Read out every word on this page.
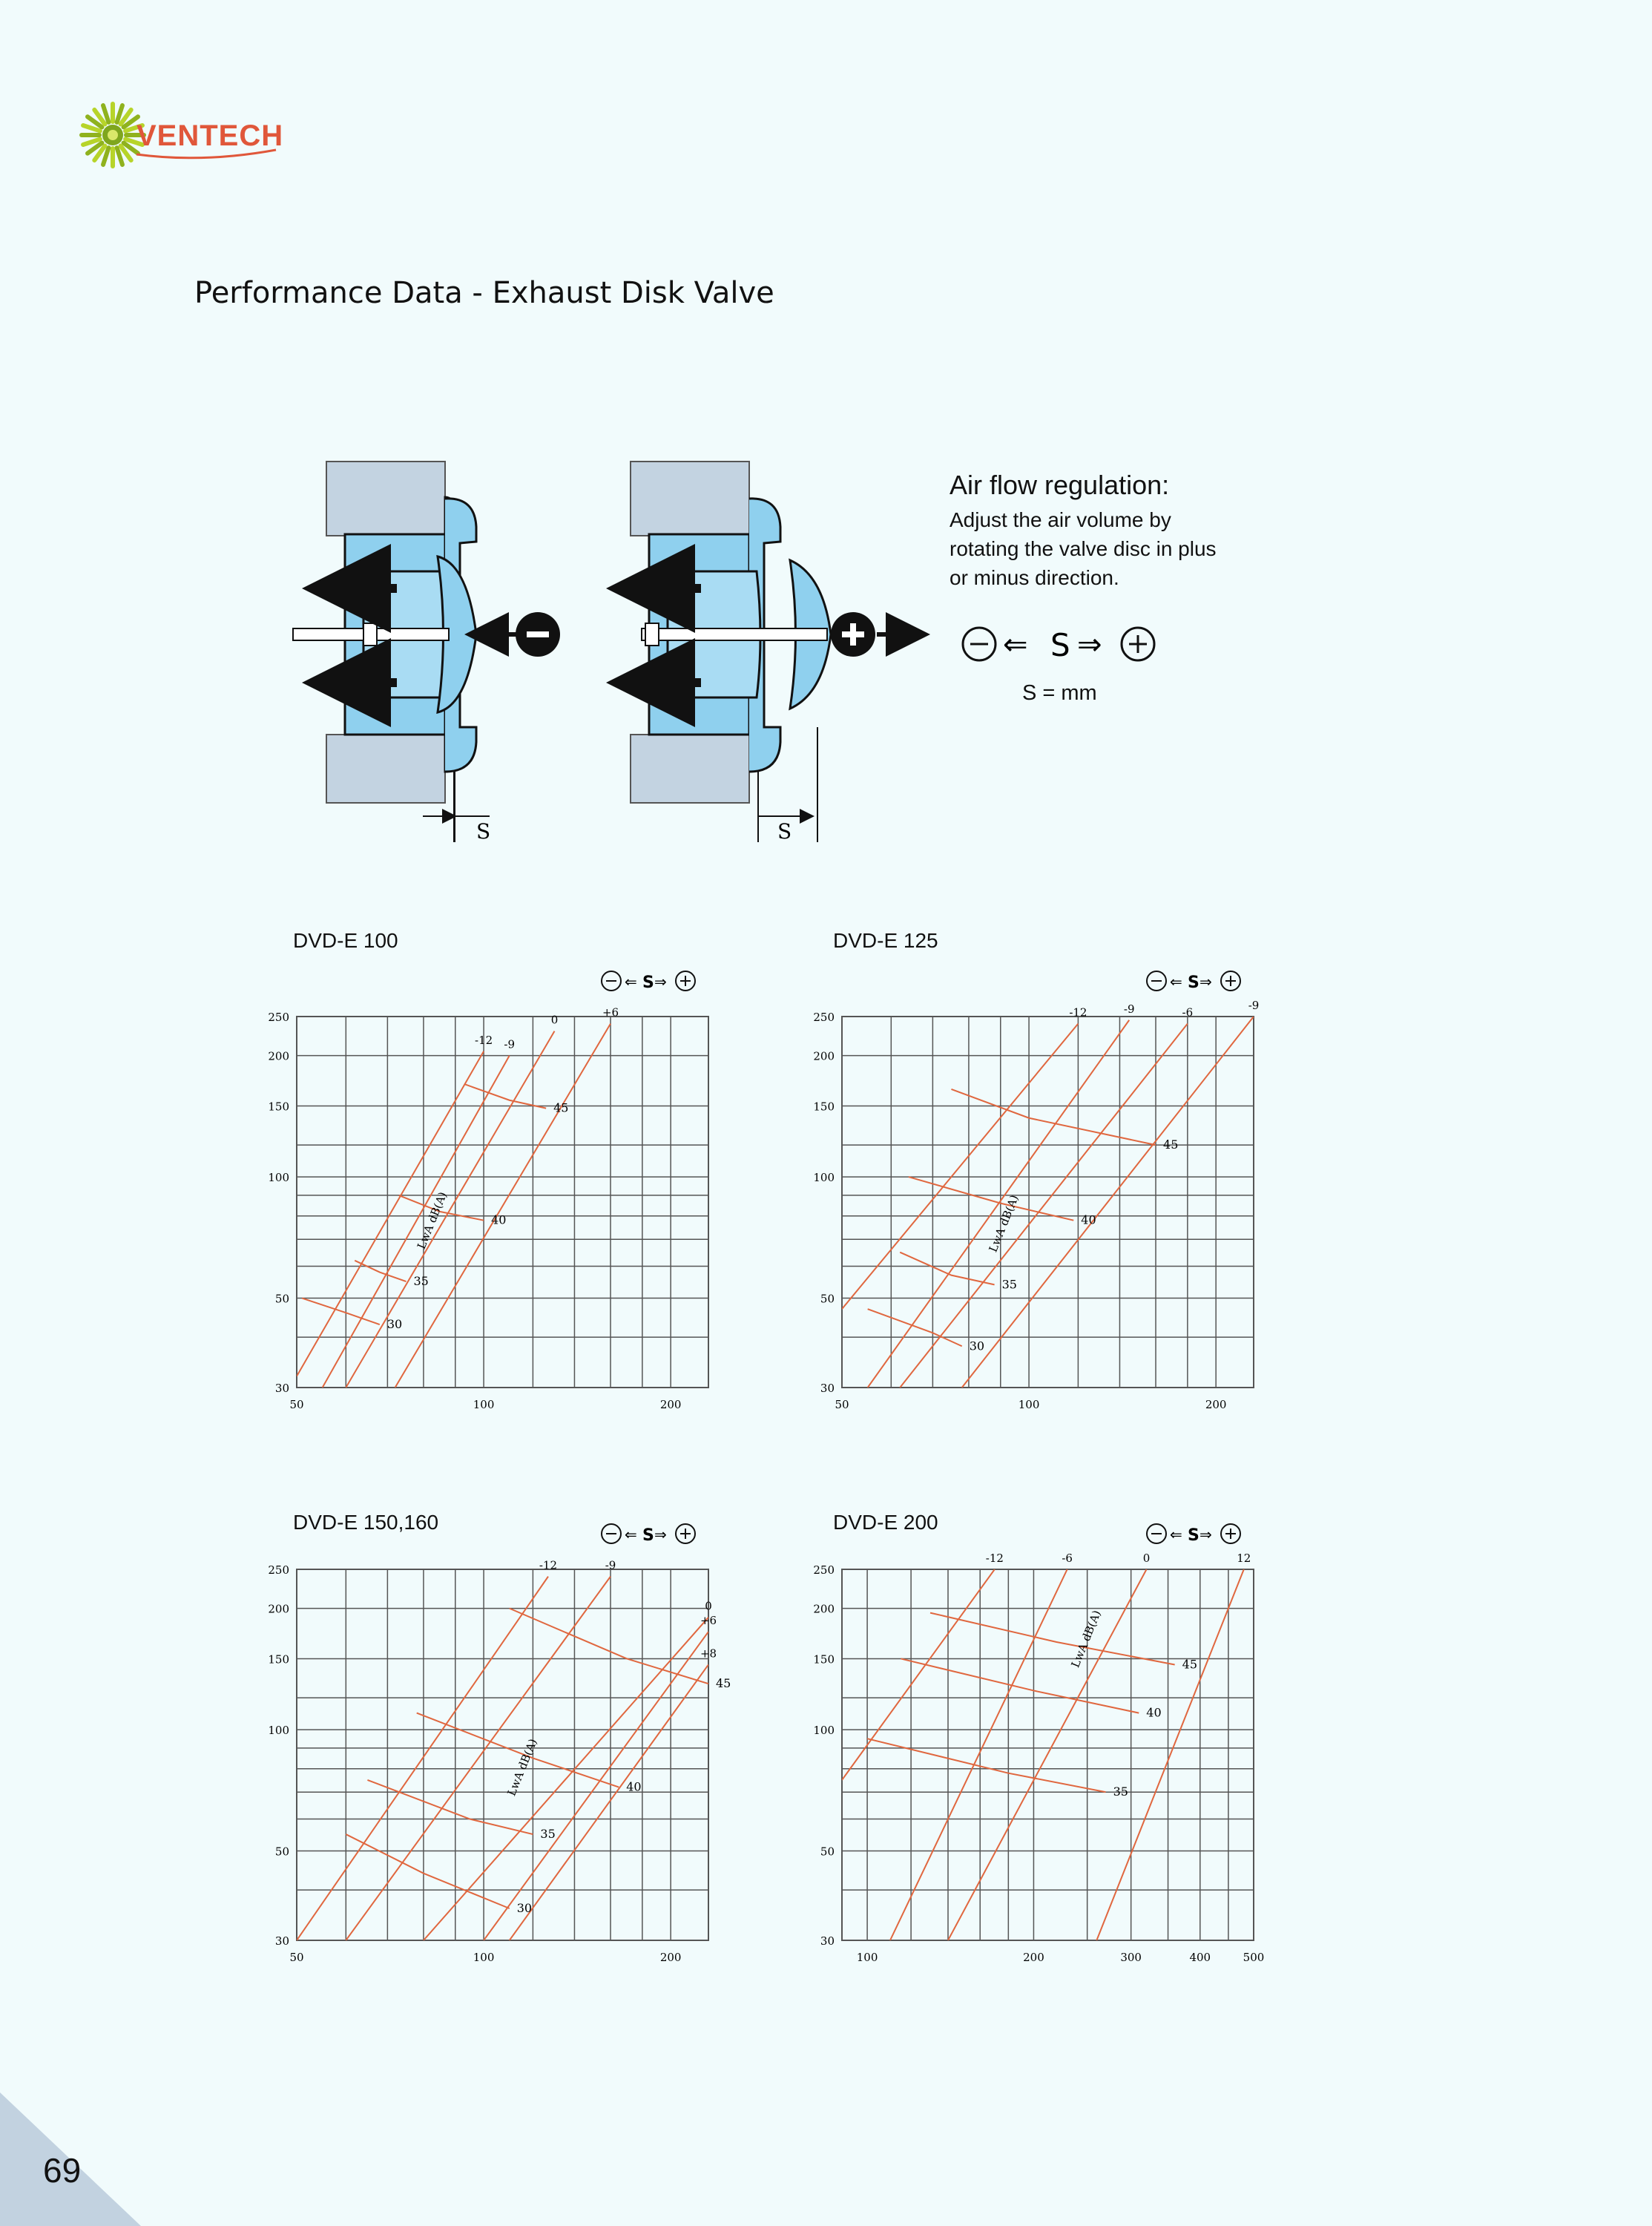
VENTECH
Performance Data - Exhaust Disk Valve
S	S
Air flow regulation:
Adjust the air volume by rotating the valve disc in plus or minus direction.
⇐ S ⇒
S = mm
DVD-E 100	DVD-E 125
DVD-E 150,160	DVD-E 200
30
50
100
150
200
250
50	100	200
-12 -9
0
+6
30
35
40
45
LwA dB(A)
⇐ S ⇒
30
50
100
150
200
250
50	100	200
-12	-9	-6
-9
30
35
40
45
LwA dB(A)
⇐ S ⇒
30
50
100
150
200
250
50	100	200
-12	-9
0
+6
+8
30
35
40
45
LwA dB(A)
⇐ S ⇒
30
50
100
150
200
250
100	200	300	400	500
-12	-6	0	12
35
40
45
LwA dB(A)
⇐ S ⇒
69
